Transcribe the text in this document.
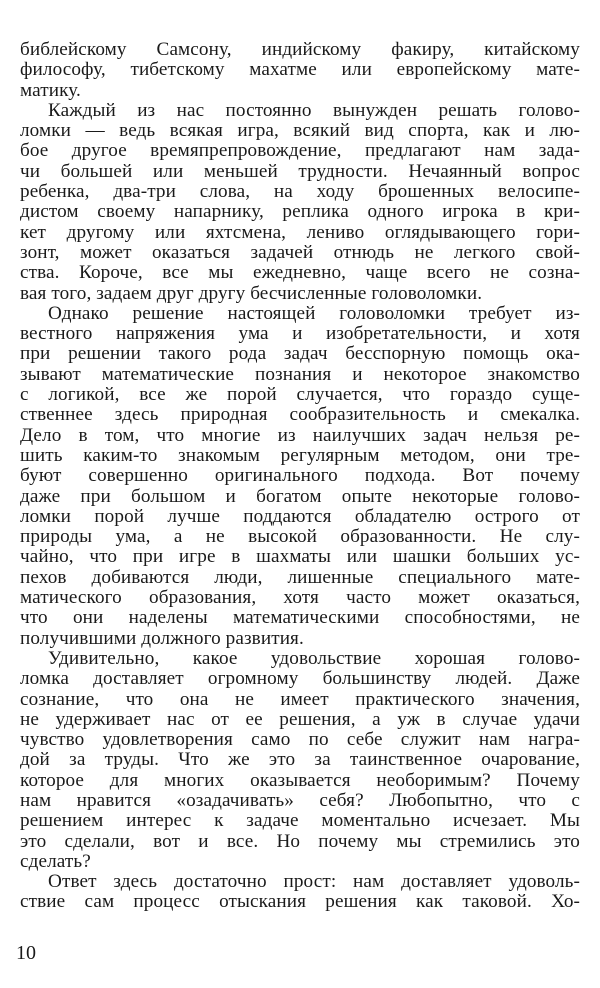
библейскому Самсону, индийскому факиру, китайскому
философу, тибетскому махатме или европейскому мате-
матику.
Каждый из нас постоянно вынужден решать голово-
ломки — ведь всякая игра, всякий вид спорта, как и лю-
бое другое времяпрепровождение, предлагают нам зада-
чи большей или меньшей трудности. Нечаянный вопрос
ребенка, два-три слова, на ходу брошенных велосипе-
дистом своему напарнику, реплика одного игрока в кри-
кет другому или яхтсмена, лениво оглядывающего гори-
зонт, может оказаться задачей отнюдь не легкого свой-
ства. Короче, все мы ежедневно, чаще всего не созна-
вая того, задаем друг другу бесчисленные головоломки.
Однако решение настоящей головоломки требует из-
вестного напряжения ума и изобретательности, и хотя
при решении такого рода задач бесспорную помощь ока-
зывают математические познания и некоторое знакомство
с логикой, все же порой случается, что гораздо суще-
ственнее здесь природная сообразительность и смекалка.
Дело в том, что многие из наилучших задач нельзя ре-
шить каким-то знакомым регулярным методом, они тре-
буют совершенно оригинального подхода. Вот почему
даже при большом и богатом опыте некоторые голово-
ломки порой лучше поддаются обладателю острого от
природы ума, а не высокой образованности. Не слу-
чайно, что при игре в шахматы или шашки больших ус-
пехов добиваются люди, лишенные специального мате-
матического образования, хотя часто может оказаться,
что они наделены математическими способностями, не
получившими должного развития.
Удивительно, какое удовольствие хорошая голово-
ломка доставляет огромному большинству людей. Даже
сознание, что она не имеет практического значения,
не удерживает нас от ее решения, а уж в случае удачи
чувство удовлетворения само по себе служит нам награ-
дой за труды. Что же это за таинственное очарование,
которое для многих оказывается необоримым? Почему
нам нравится «озадачивать» себя? Любопытно, что с
решением интерес к задаче моментально исчезает. Мы
это сделали, вот и все. Но почему мы стремились это
сделать?
Ответ здесь достаточно прост: нам доставляет удоволь-
ствие сам процесс отыскания решения как таковой. Хо-
10
